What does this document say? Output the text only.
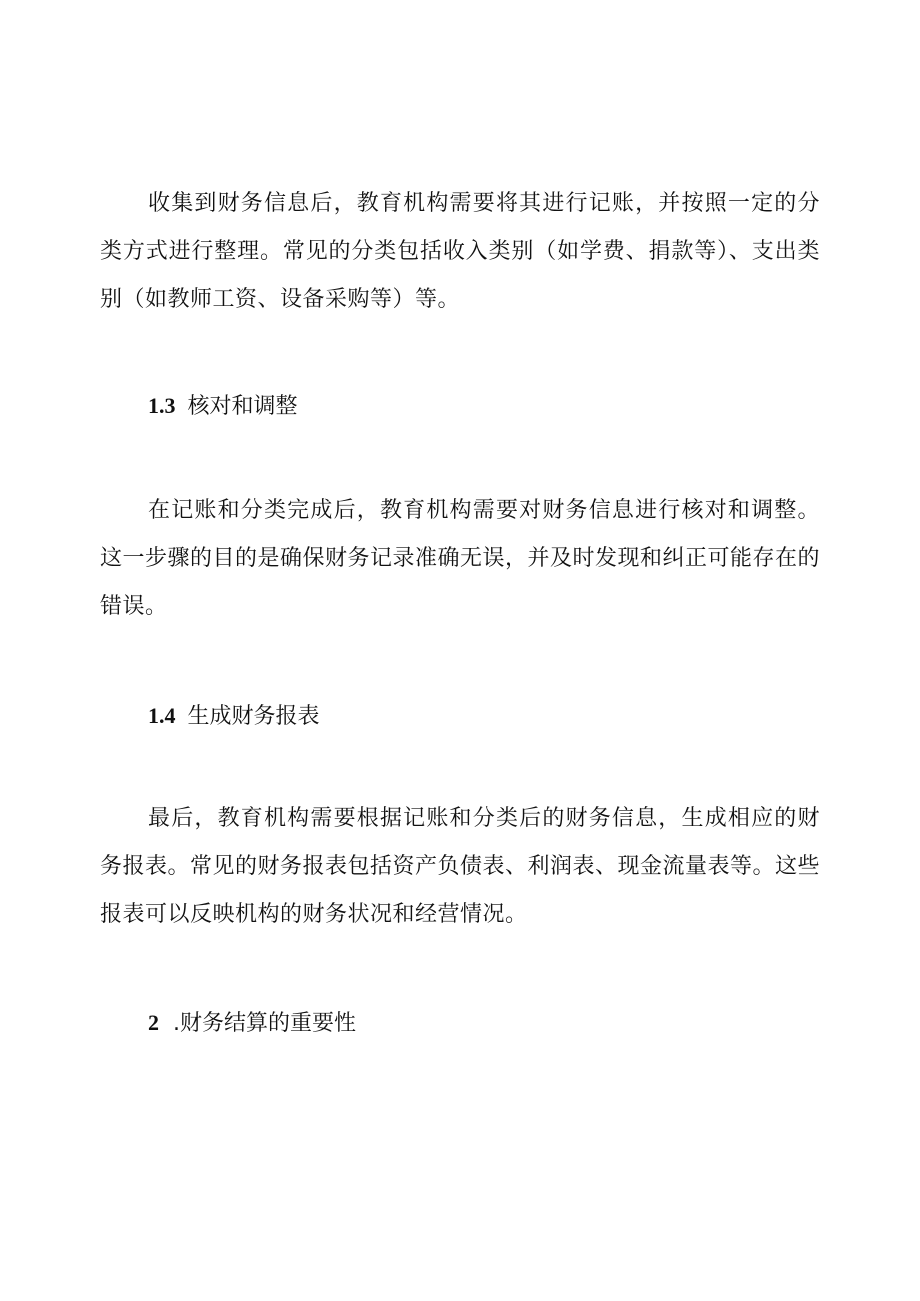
收集到财务信息后，教育机构需要将其进行记账，并按照一定的分类方式进行整理。常见的分类包括收入类别（如学费、捐款等）、支出类别（如教师工资、设备采购等）等。

1.3 核对和调整

在记账和分类完成后，教育机构需要对财务信息进行核对和调整。这一步骤的目的是确保财务记录准确无误，并及时发现和纠正可能存在的错误。

1.4 生成财务报表

最后，教育机构需要根据记账和分类后的财务信息，生成相应的财务报表。常见的财务报表包括资产负债表、利润表、现金流量表等。这些报表可以反映机构的财务状况和经营情况。

2 .财务结算的重要性
